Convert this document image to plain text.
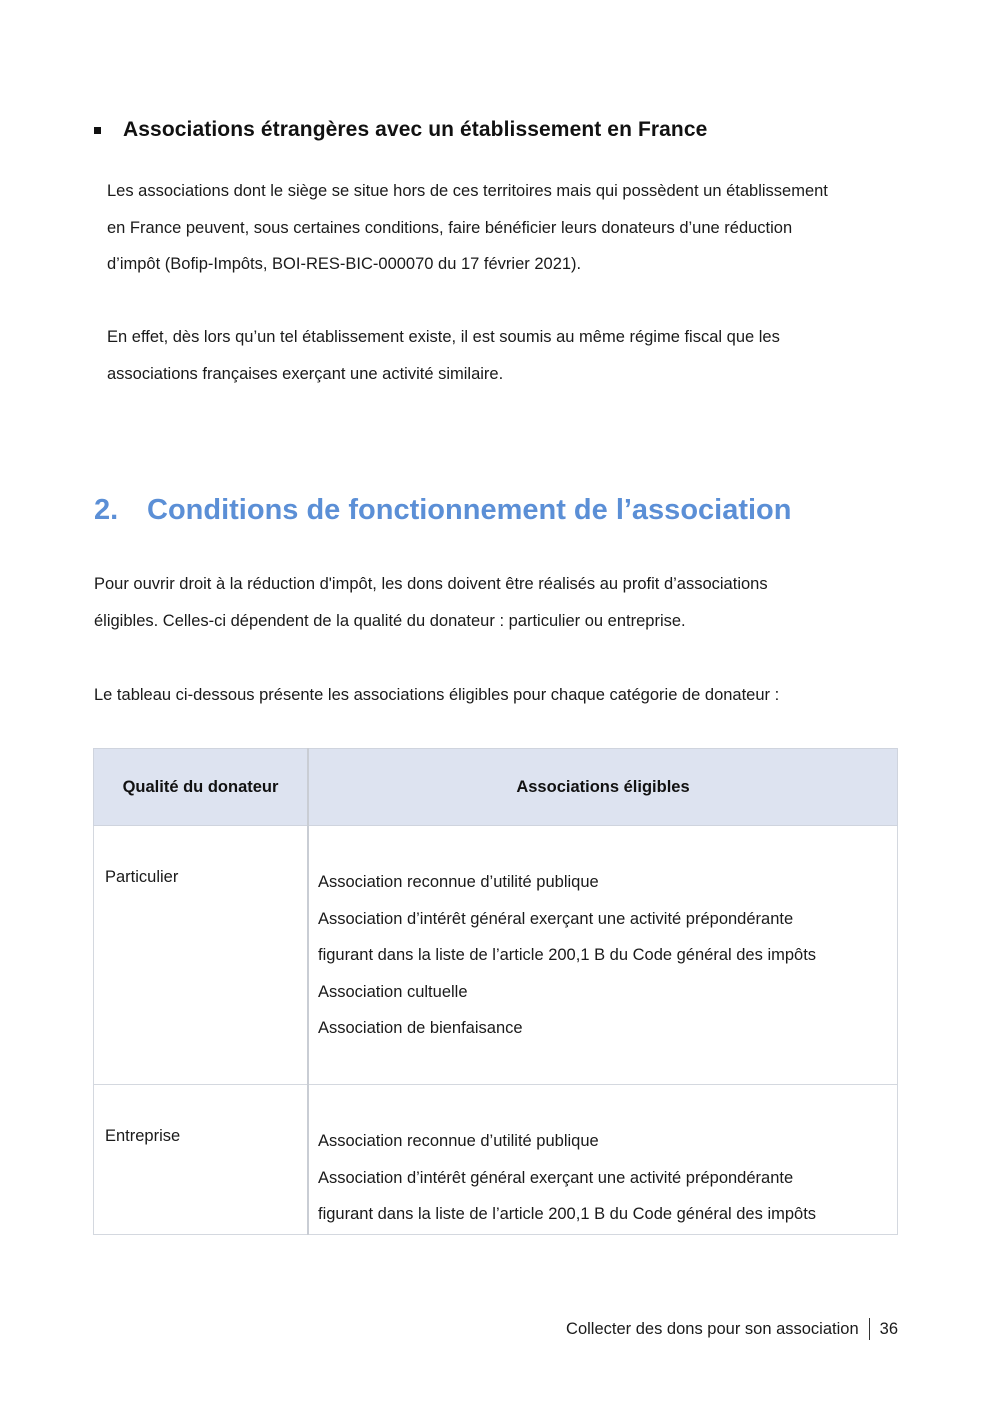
Associations étrangères avec un établissement en France
Les associations dont le siège se situe hors de ces territoires mais qui possèdent un établissement
en France peuvent, sous certaines conditions, faire bénéficier leurs donateurs d’une réduction
d’impôt (Bofip-Impôts, BOI-RES-BIC-000070 du 17 février 2021).
En effet, dès lors qu’un tel établissement existe, il est soumis au même régime fiscal que les
associations françaises exerçant une activité similaire.
2. Conditions de fonctionnement de l’association
Pour ouvrir droit à la réduction d'impôt, les dons doivent être réalisés au profit d’associations
éligibles. Celles-ci dépendent de la qualité du donateur : particulier ou entreprise.
Le tableau ci-dessous présente les associations éligibles pour chaque catégorie de donateur :
Qualité du donateur	Associations éligibles

Particulier	Association reconnue d’utilité publique
Association d’intérêt général exerçant une activité prépondérante
figurant dans la liste de l’article 200,1 B du Code général des impôts
Association cultuelle
Association de bienfaisance

Entreprise	Association reconnue d’utilité publique
Association d’intérêt général exerçant une activité prépondérante
figurant dans la liste de l’article 200,1 B du Code général des impôts
Collecter des dons pour son association 36
